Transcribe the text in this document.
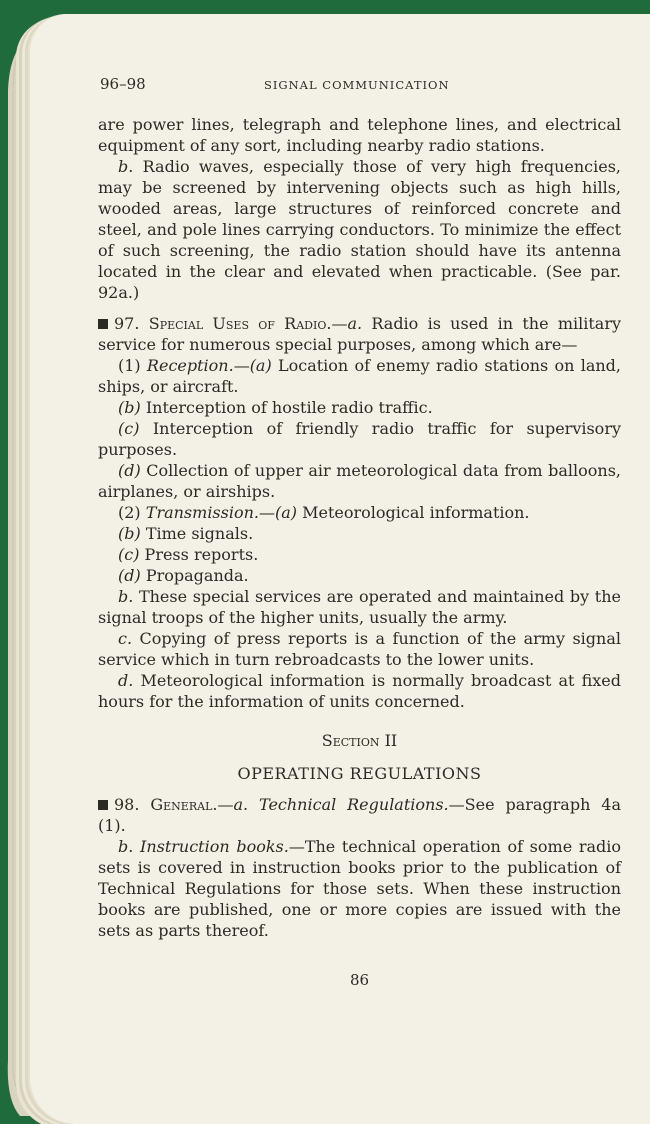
96–98	SIGNAL COMMUNICATION

are power lines, telegraph and telephone lines, and electrical equipment of any sort, including nearby radio stations.

b. Radio waves, especially those of very high frequencies, may be screened by intervening objects such as high hills, wooded areas, large structures of reinforced concrete and steel, and pole lines carrying conductors. To minimize the effect of such screening, the radio station should have its antenna located in the clear and elevated when practicable. (See par. 92a.)

97. Special Uses of Radio.—a. Radio is used in the military service for numerous special purposes, among which are—

(1) Reception.—(a) Location of enemy radio stations on land, ships, or aircraft.

(b) Interception of hostile radio traffic.

(c) Interception of friendly radio traffic for supervisory purposes.

(d) Collection of upper air meteorological data from balloons, airplanes, or airships.

(2) Transmission.—(a) Meteorological information.

(b) Time signals.

(c) Press reports.

(d) Propaganda.

b. These special services are operated and maintained by the signal troops of the higher units, usually the army.

c. Copying of press reports is a function of the army signal service which in turn rebroadcasts to the lower units.

d. Meteorological information is normally broadcast at fixed hours for the information of units concerned.

Section II

OPERATING REGULATIONS

98. General.—a. Technical Regulations.—See paragraph 4a (1).

b. Instruction books.—The technical operation of some radio sets is covered in instruction books prior to the publication of Technical Regulations for those sets. When these instruction books are published, one or more copies are issued with the sets as parts thereof.

86
